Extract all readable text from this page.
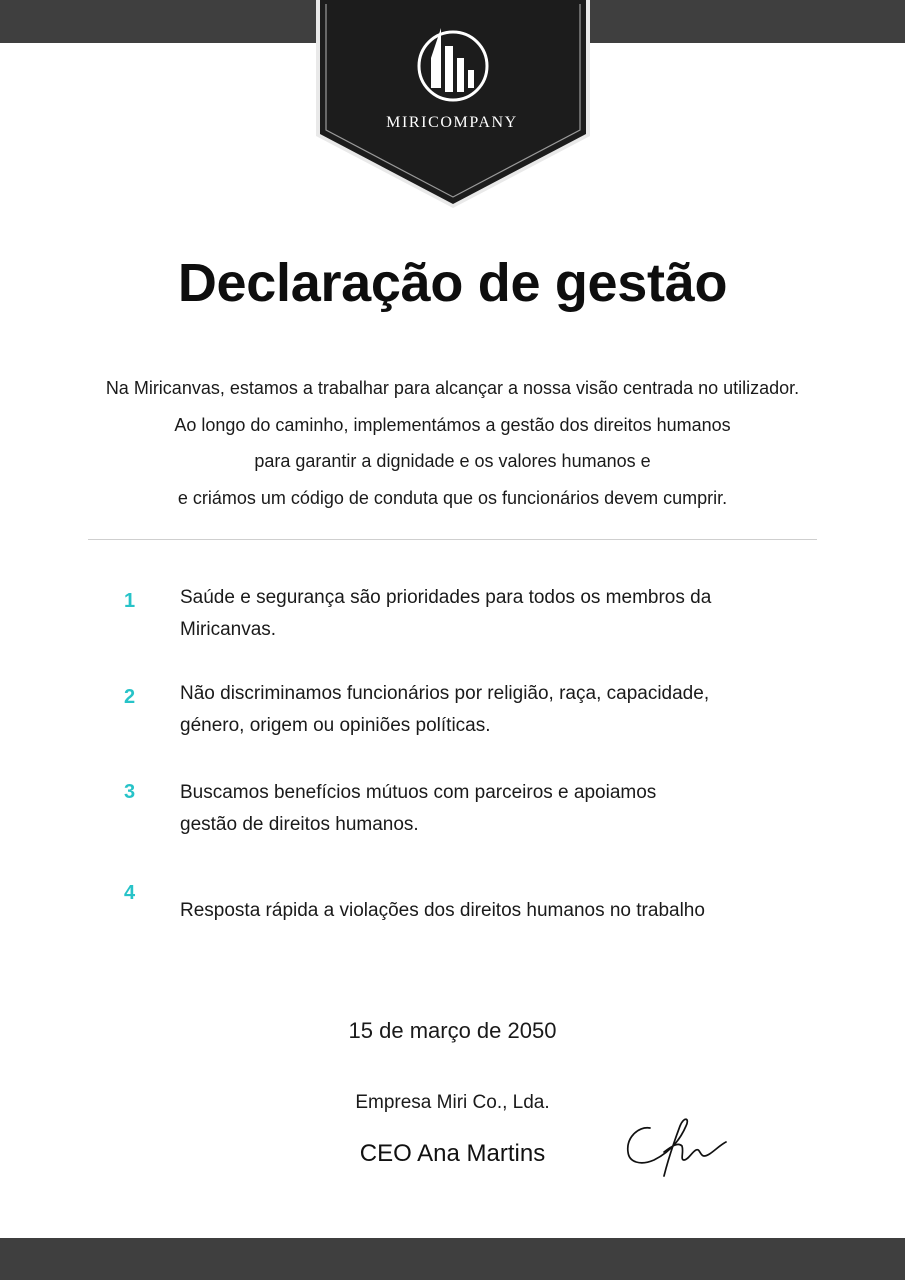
MIRICOMPANY
Declaração de gestão
Na Miricanvas, estamos a trabalhar para alcançar a nossa visão centrada no utilizador.
Ao longo do caminho, implementámos a gestão dos direitos humanos
para garantir a dignidade e os valores humanos e
e criámos um código de conduta que os funcionários devem cumprir.
1	Saúde e segurança são prioridades para todos os membros da
Miricanvas.
2	Não discriminamos funcionários por religião, raça, capacidade,
género, origem ou opiniões políticas.
3	Buscamos benefícios mútuos com parceiros e apoiamos
gestão de direitos humanos.
4
Resposta rápida a violações dos direitos humanos no trabalho
15 de março de 2050
Empresa Miri Co., Lda.
CEO Ana Martins
